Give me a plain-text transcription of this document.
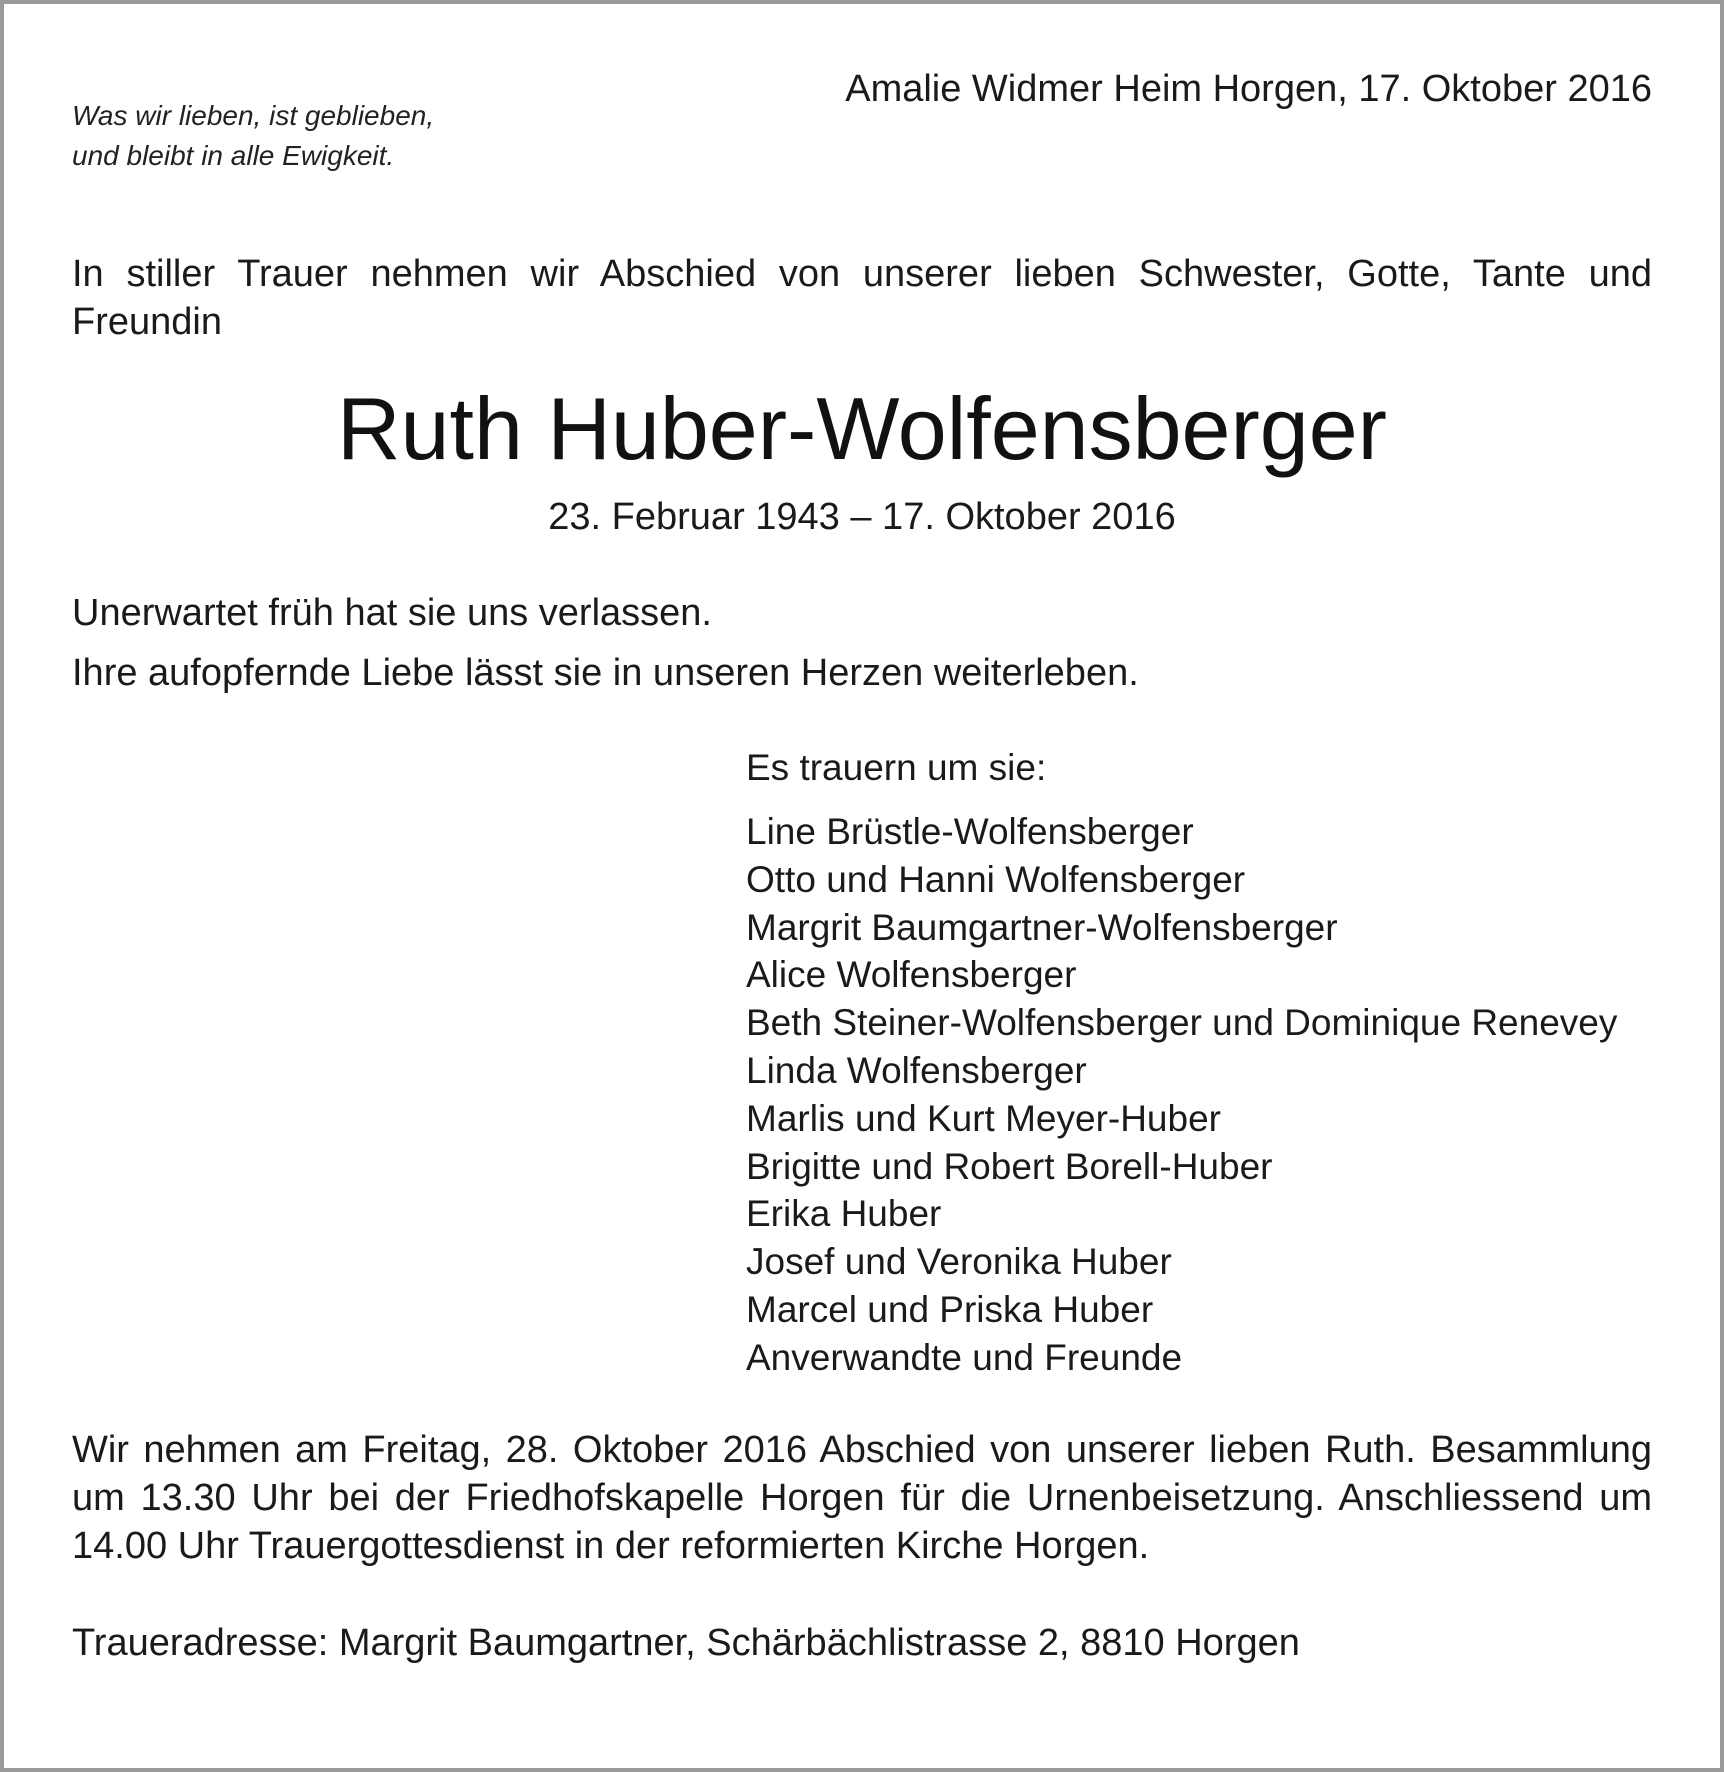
Was wir lieben, ist geblieben,
und bleibt in alle Ewigkeit.
Amalie Widmer Heim Horgen, 17. Oktober 2016
In stiller Trauer nehmen wir Abschied von unserer lieben Schwester, Gotte, Tante und Freundin
Ruth Huber-Wolfensberger
23. Februar 1943 – 17. Oktober 2016
Unerwartet früh hat sie uns verlassen.
Ihre aufopfernde Liebe lässt sie in unseren Herzen weiterleben.
Es trauern um sie:
Line Brüstle-Wolfensberger
Otto und Hanni Wolfensberger
Margrit Baumgartner-Wolfensberger
Alice Wolfensberger
Beth Steiner-Wolfensberger und Dominique Renevey
Linda Wolfensberger
Marlis und Kurt Meyer-Huber
Brigitte und Robert Borell-Huber
Erika Huber
Josef und Veronika Huber
Marcel und Priska Huber
Anverwandte und Freunde
Wir nehmen am Freitag, 28. Oktober 2016 Abschied von unserer lieben Ruth. Besammlung um 13.30 Uhr bei der Friedhofskapelle Horgen für die Urnenbeisetzung. Anschliessend um 14.00 Uhr Trauergottesdienst in der reformierten Kirche Horgen.
Traueradresse: Margrit Baumgartner, Schärbächlistrasse 2, 8810 Horgen
